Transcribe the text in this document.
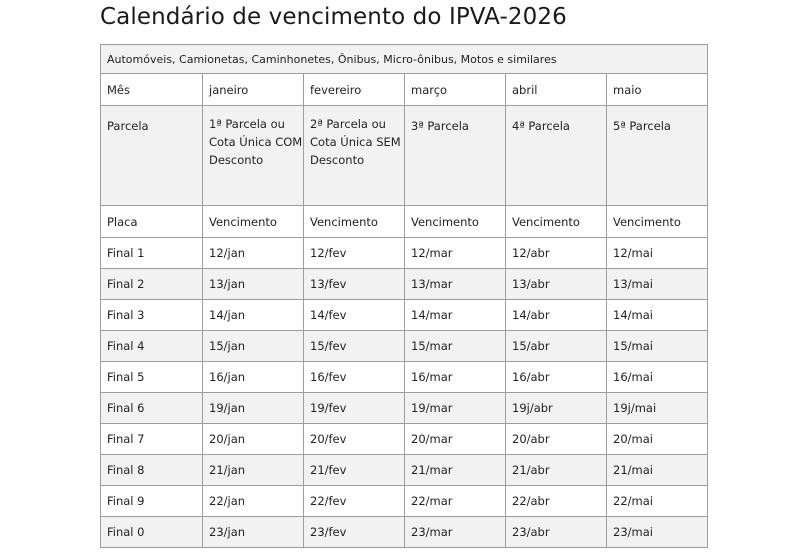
Calendário de vencimento do IPVA-2026
Automóveis, Camionetas, Caminhonetes, Ônibus, Micro-ônibus, Motos e similares					
Mês	janeiro	fevereiro	março	abril	maio
Parcela	1ª Parcela ou Cota Única COM Desconto	2ª Parcela ou Cota Única SEM Desconto	3ª Parcela	4ª Parcela	5ª Parcela
Placa	Vencimento	Vencimento	Vencimento	Vencimento	Vencimento
Final 1	12/jan	12/fev	12/mar	12/abr	12/mai
Final 2	13/jan	13/fev	13/mar	13/abr	13/mai
Final 3	14/jan	14/fev	14/mar	14/abr	14/mai
Final 4	15/jan	15/fev	15/mar	15/abr	15/mai
Final 5	16/jan	16/fev	16/mar	16/abr	16/mai
Final 6	19/jan	19/fev	19/mar	19j/abr	19j/mai
Final 7	20/jan	20/fev	20/mar	20/abr	20/mai
Final 8	21/jan	21/fev	21/mar	21/abr	21/mai
Final 9	22/jan	22/fev	22/mar	22/abr	22/mai
Final 0	23/jan	23/fev	23/mar	23/abr	23/mai
